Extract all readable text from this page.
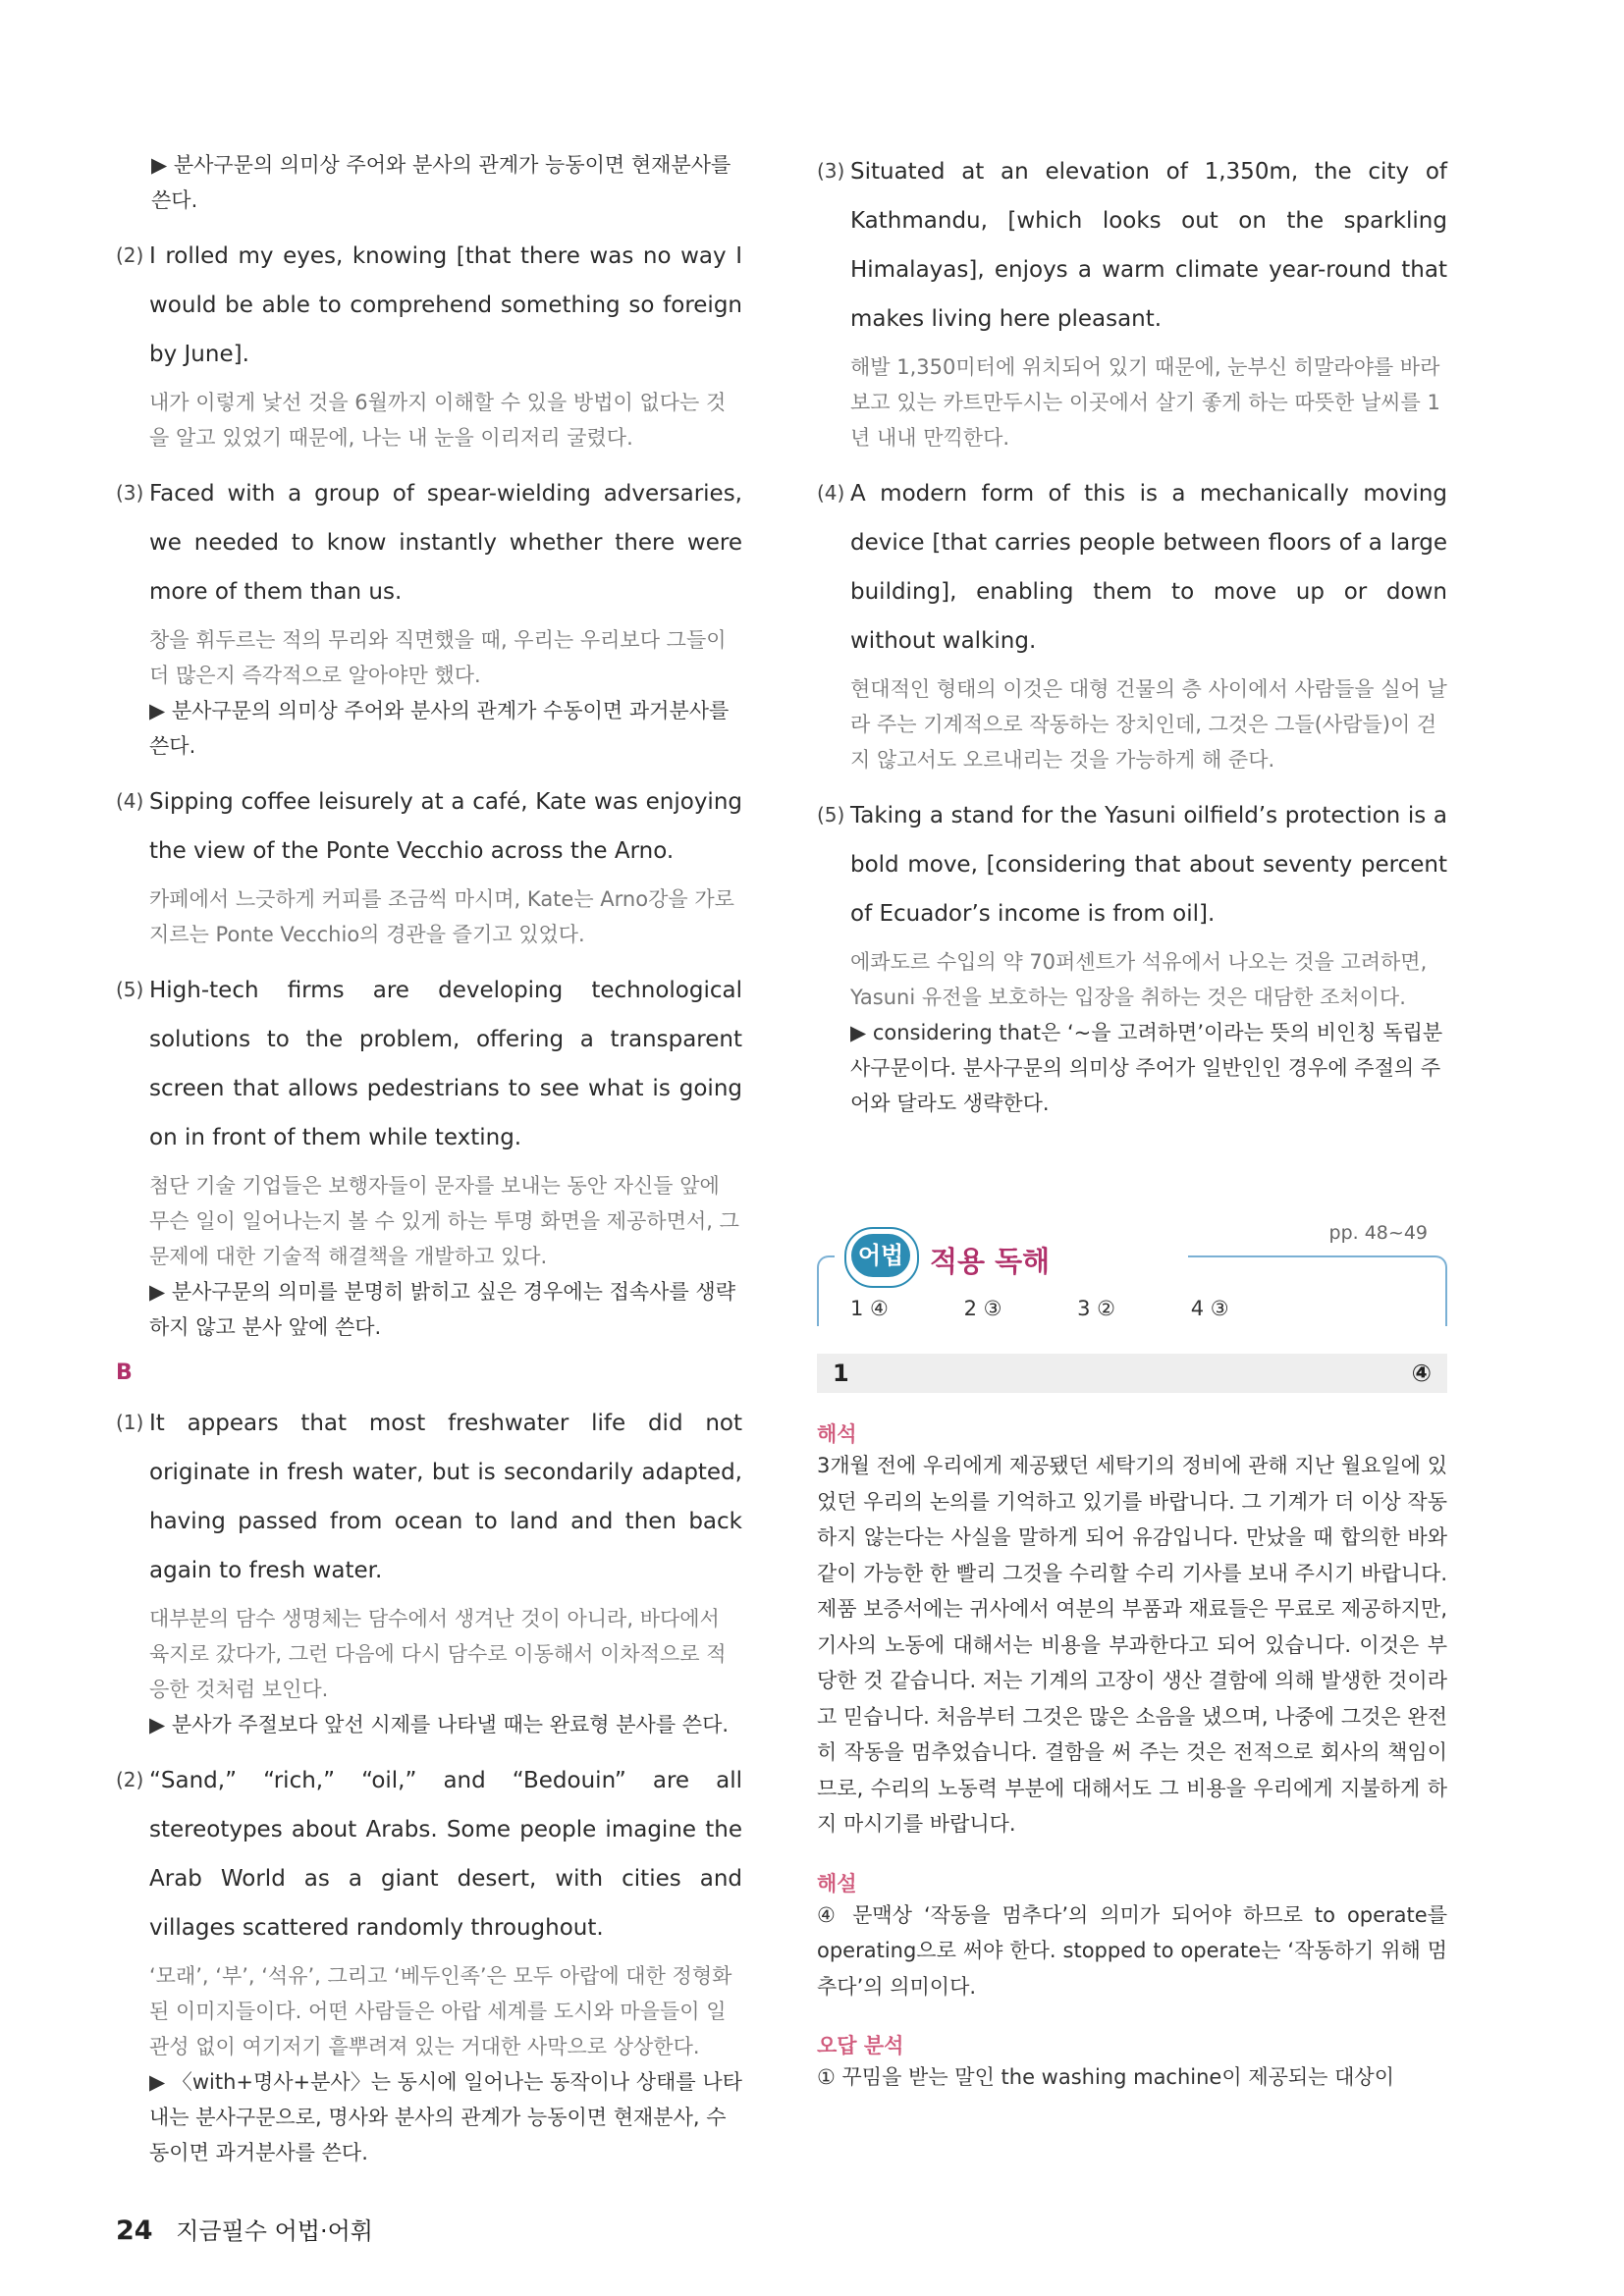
▶ 분사구문의 의미상 주어와 분사의 관계가 능동이면 현재분사를 쓴다.
(2) I rolled my eyes, knowing [that there was no way I would be able to comprehend something so foreign by June].
내가 이렇게 낯선 것을 6월까지 이해할 수 있을 방법이 없다는 것을 알고 있었기 때문에, 나는 내 눈을 이리저리 굴렸다.
(3) Faced with a group of spear-wielding adversaries, we needed to know instantly whether there were more of them than us.
창을 휘두르는 적의 무리와 직면했을 때, 우리는 우리보다 그들이 더 많은지 즉각적으로 알아야만 했다.
▶ 분사구문의 의미상 주어와 분사의 관계가 수동이면 과거분사를 쓴다.
(4) Sipping coffee leisurely at a café, Kate was enjoying the view of the Ponte Vecchio across the Arno.
카페에서 느긋하게 커피를 조금씩 마시며, Kate는 Arno강을 가로지르는 Ponte Vecchio의 경관을 즐기고 있었다.
(5) High-tech firms are developing technological solutions to the problem, offering a transparent screen that allows pedestrians to see what is going on in front of them while texting.
첨단 기술 기업들은 보행자들이 문자를 보내는 동안 자신들 앞에 무슨 일이 일어나는지 볼 수 있게 하는 투명 화면을 제공하면서, 그 문제에 대한 기술적 해결책을 개발하고 있다.
▶ 분사구문의 의미를 분명히 밝히고 싶은 경우에는 접속사를 생략하지 않고 분사 앞에 쓴다.
B
(1) It appears that most freshwater life did not originate in fresh water, but is secondarily adapted, having passed from ocean to land and then back again to fresh water.
대부분의 담수 생명체는 담수에서 생겨난 것이 아니라, 바다에서 육지로 갔다가, 그런 다음에 다시 담수로 이동해서 이차적으로 적응한 것처럼 보인다.
▶ 분사가 주절보다 앞선 시제를 나타낼 때는 완료형 분사를 쓴다.
(2) “Sand,” “rich,” “oil,” and “Bedouin” are all stereotypes about Arabs. Some people imagine the Arab World as a giant desert, with cities and villages scattered randomly throughout.
‘모래’, ‘부’, ‘석유’, 그리고 ‘베두인족’은 모두 아랍에 대한 정형화된 이미지들이다. 어떤 사람들은 아랍 세계를 도시와 마을들이 일관성 없이 여기저기 흩뿌려져 있는 거대한 사막으로 상상한다.
▶ 〈with+명사+분사〉는 동시에 일어나는 동작이나 상태를 나타내는 분사구문으로, 명사와 분사의 관계가 능동이면 현재분사, 수동이면 과거분사를 쓴다.
(3) Situated at an elevation of 1,350m, the city of Kathmandu, [which looks out on the sparkling Himalayas], enjoys a warm climate year-round that makes living here pleasant.
해발 1,350미터에 위치되어 있기 때문에, 눈부신 히말라야를 바라보고 있는 카트만두시는 이곳에서 살기 좋게 하는 따뜻한 날씨를 1년 내내 만끽한다.
(4) A modern form of this is a mechanically moving device [that carries people between floors of a large building], enabling them to move up or down without walking.
현대적인 형태의 이것은 대형 건물의 층 사이에서 사람들을 실어 날라 주는 기계적으로 작동하는 장치인데, 그것은 그들(사람들)이 걷지 않고서도 오르내리는 것을 가능하게 해 준다.
(5) Taking a stand for the Yasuni oilfield’s protection is a bold move, [considering that about seventy percent of Ecuador’s income is from oil].
에콰도르 수입의 약 70퍼센트가 석유에서 나오는 것을 고려하면, Yasuni 유전을 보호하는 입장을 취하는 것은 대담한 조처이다.
▶ considering that은 ‘~을 고려하면’이라는 뜻의 비인칭 독립분사구문이다. 분사구문의 의미상 주어가 일반인인 경우에 주절의 주어와 달라도 생략한다.
어법 적용 독해
pp. 48~49
1 ④	2 ③	3 ②	4 ③
1	④
해석
3개월 전에 우리에게 제공됐던 세탁기의 정비에 관해 지난 월요일에 있었던 우리의 논의를 기억하고 있기를 바랍니다. 그 기계가 더 이상 작동하지 않는다는 사실을 말하게 되어 유감입니다. 만났을 때 합의한 바와 같이 가능한 한 빨리 그것을 수리할 수리 기사를 보내 주시기 바랍니다. 제품 보증서에는 귀사에서 여분의 부품과 재료들은 무료로 제공하지만, 기사의 노동에 대해서는 비용을 부과한다고 되어 있습니다. 이것은 부당한 것 같습니다. 저는 기계의 고장이 생산 결함에 의해 발생한 것이라고 믿습니다. 처음부터 그것은 많은 소음을 냈으며, 나중에 그것은 완전히 작동을 멈추었습니다. 결함을 써 주는 것은 전적으로 회사의 책임이므로, 수리의 노동력 부분에 대해서도 그 비용을 우리에게 지불하게 하지 마시기를 바랍니다.
해설
④ 문맥상 ‘작동을 멈추다’의 의미가 되어야 하므로 to operate를 operating으로 써야 한다. stopped to operate는 ‘작동하기 위해 멈추다’의 의미이다.
오답 분석
① 꾸밈을 받는 말인 the washing machine이 제공되는 대상이
24 지금필수 어법·어휘
